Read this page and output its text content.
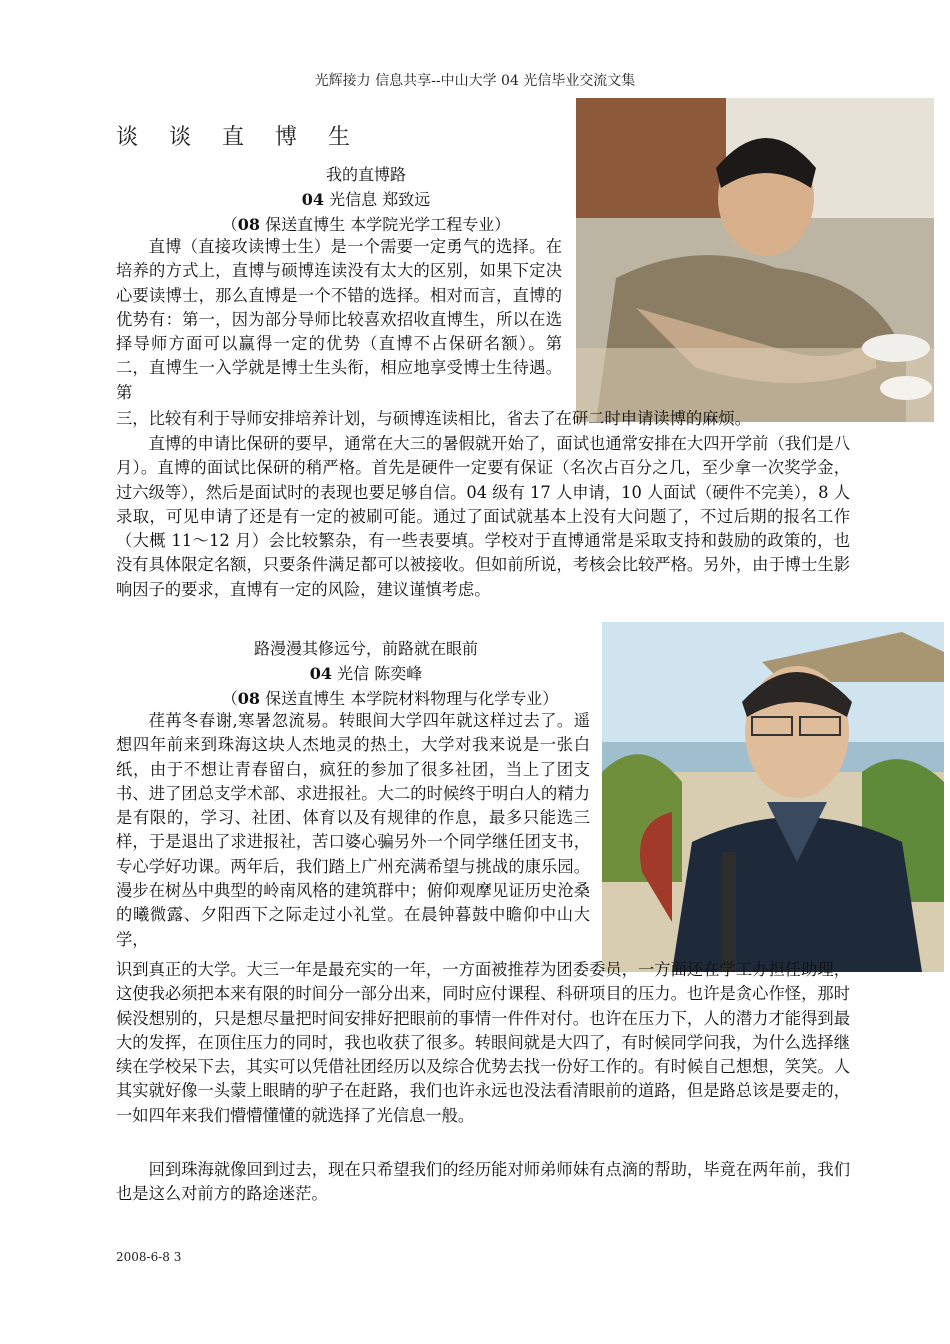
光辉接力 信息共享--中山大学 04 光信毕业交流文集
谈 谈 直 博 生
我的直博路
04 光信息 郑致远
（08 保送直博生 本学院光学工程专业）

直博（直接攻读博士生）是一个需要一定勇气的选择。在培养的方式上，直博与硕博连读没有太大的区别，如果下定决心要读博士，那么直博是一个不错的选择。相对而言，直博的优势有：第一，因为部分导师比较喜欢招收直博生，所以在选择导师方面可以赢得一定的优势（直博不占保研名额）。第二，直博生一入学就是博士生头衔，相应地享受博士生待遇。第

三，比较有利于导师安排培养计划，与硕博连读相比，省去了在研二时申请读博的麻烦。

直博的申请比保研的要早，通常在大三的暑假就开始了，面试也通常安排在大四开学前（我们是八月）。直博的面试比保研的稍严格。首先是硬件一定要有保证（名次占百分之几，至少拿一次奖学金，过六级等），然后是面试时的表现也要足够自信。04 级有 17 人申请，10 人面试（硬件不完美），8 人录取，可见申请了还是有一定的被刷可能。通过了面试就基本上没有大问题了，不过后期的报名工作（大概 11～12 月）会比较繁杂，有一些表要填。学校对于直博通常是采取支持和鼓励的政策的，也没有具体限定名额，只要条件满足都可以被接收。但如前所说，考核会比较严格。另外，由于博士生影响因子的要求，直博有一定的风险，建议谨慎考虑。

路漫漫其修远兮，前路就在眼前
04 光信 陈奕峰
（08 保送直博生 本学院材料物理与化学专业）

荏苒冬春谢,寒暑忽流易。转眼间大学四年就这样过去了。遥想四年前来到珠海这块人杰地灵的热土，大学对我来说是一张白纸，由于不想让青春留白，疯狂的参加了很多社团，当上了团支书、进了团总支学术部、求进报社。大二的时候终于明白人的精力是有限的，学习、社团、体育以及有规律的作息，最多只能选三样，于是退出了求进报社，苦口婆心骗另外一个同学继任团支书，专心学好功课。两年后，我们踏上广州充满希望与挑战的康乐园。漫步在树丛中典型的岭南风格的建筑群中；俯仰观摩见证历史沧桑的曦微露、夕阳西下之际走过小礼堂。在晨钟暮鼓中瞻仰中山大学，

识到真正的大学。大三一年是最充实的一年，一方面被推荐为团委委员，一方面还在学工办担任助理，这使我必须把本来有限的时间分一部分出来，同时应付课程、科研项目的压力。也许是贪心作怪，那时候没想别的，只是想尽量把时间安排好把眼前的事情一件件对付。也许在压力下，人的潜力才能得到最大的发挥，在顶住压力的同时，我也收获了很多。转眼间就是大四了，有时候同学问我，为什么选择继续在学校呆下去，其实可以凭借社团经历以及综合优势去找一份好工作的。有时候自己想想，笑笑。人其实就好像一头蒙上眼睛的驴子在赶路，我们也许永远也没法看清眼前的道路，但是路总该是要走的，一如四年来我们懵懵懂懂的就选择了光信息一般。

回到珠海就像回到过去，现在只希望我们的经历能对师弟师妹有点滴的帮助，毕竟在两年前，我们也是这么对前方的路途迷茫。

2008-6-8 3
